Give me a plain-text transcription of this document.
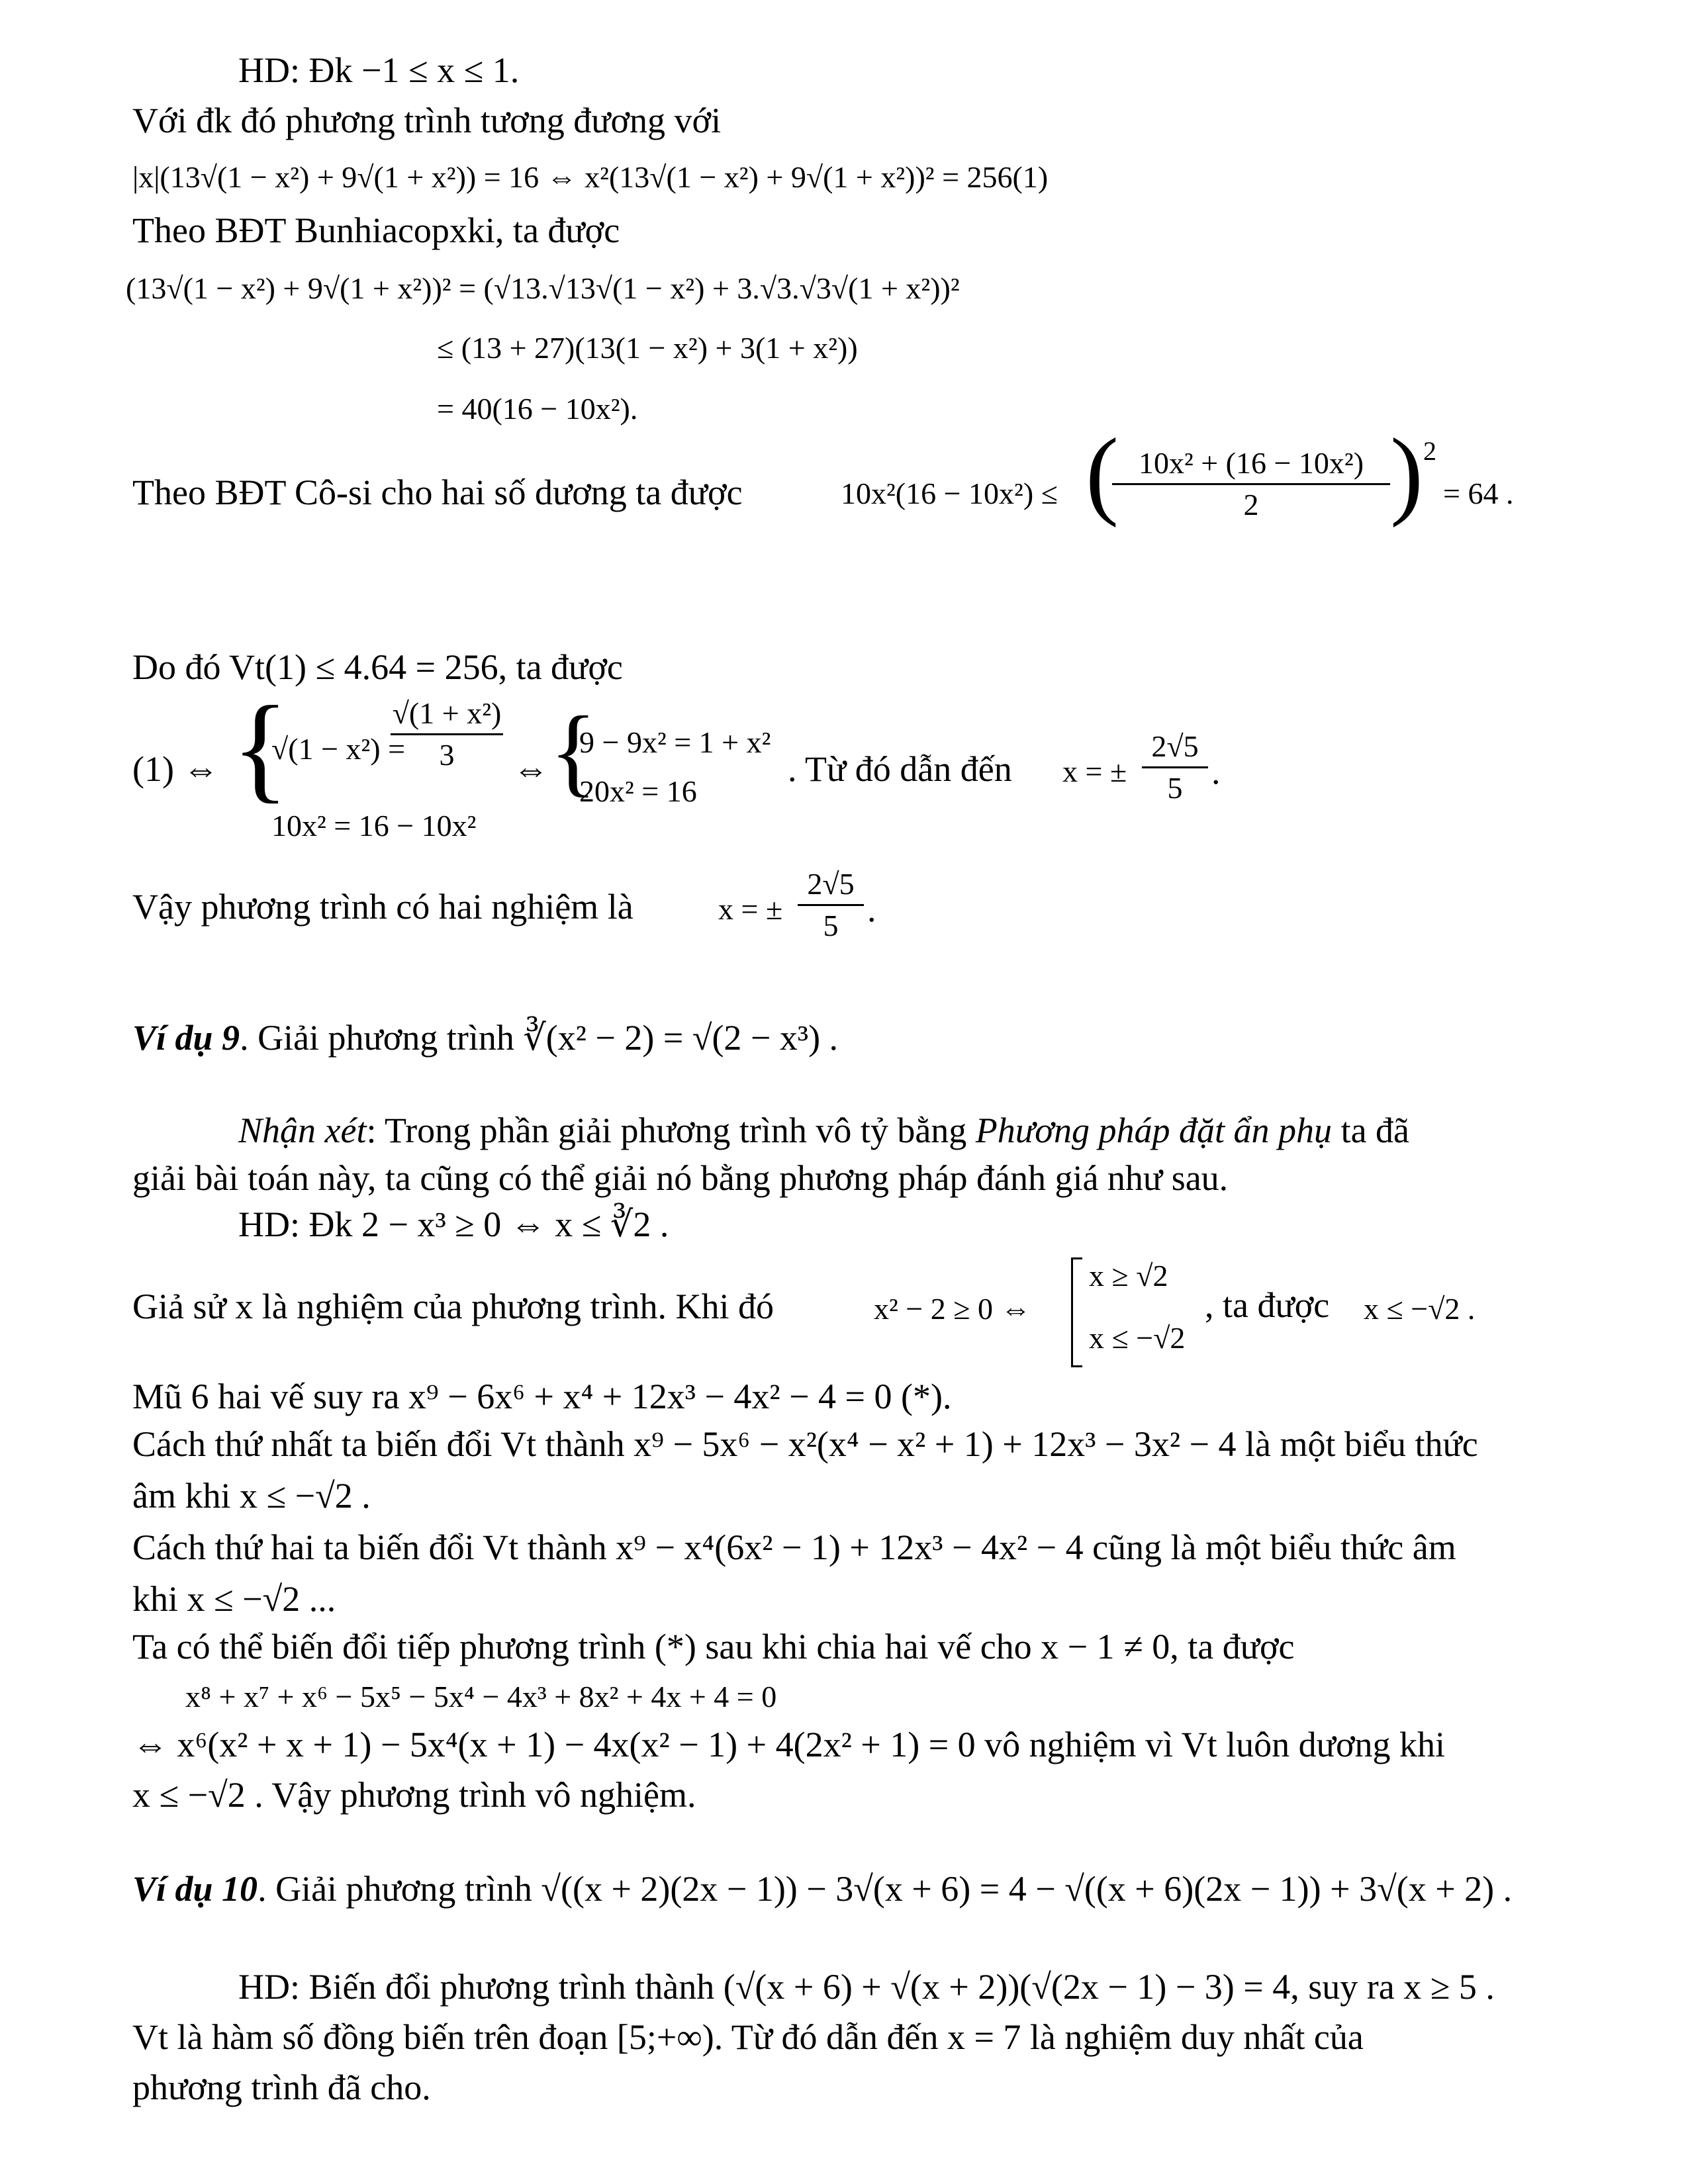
HD: Đk −1 ≤ x ≤ 1.
Với đk đó phương trình tương đương với
|x|(13√(1 − x²) + 9√(1 + x²)) = 16 ⇔ x²(13√(1 − x²) + 9√(1 + x²))² = 256(1)
Theo BĐT Bunhiacopxki, ta được
(13√(1 − x²) + 9√(1 + x²))² = (√13.√13√(1 − x²) + 3.√3.√3√(1 + x²))²
≤ (13 + 27)(13(1 − x²) + 3(1 + x²))
= 40(16 − 10x²).
Theo BĐT Cô-si cho hai số dương ta được	10x²(16 − 10x²) ≤ ( 10x² + (16 − 10x²)
2	) 2
= 64 .
Do đó Vt(1) ≤ 4.64 = 256, ta được
(1) ⇔ {
√(1 − x²) =
√(1 + x²)
3
10x² = 16 − 10x²
⇔ {
9 − 9x² = 1 + x²
20x² = 16
. Từ đó dẫn đến x = ±
2√5
5 .
Vậy phương trình có hai nghiệm là	x = ±
2√5
5 .
Ví dụ 9. Giải phương trình ∛(x² − 2) = √(2 − x³) .
Nhận xét: Trong phần giải phương trình vô tỷ bằng Phương pháp đặt ẩn phụ ta đã
giải bài toán này, ta cũng có thể giải nó bằng phương pháp đánh giá như sau.
HD: Đk 2 − x³ ≥ 0 ⇔ x ≤ ∛2 .
Giả sử x là nghiệm của phương trình. Khi đó	x² − 2 ≥ 0 ⇔
x ≥ √2
x ≤ −√2
, ta được x ≤ −√2 .
Mũ 6 hai vế suy ra x⁹ − 6x⁶ + x⁴ + 12x³ − 4x² − 4 = 0 (*).
Cách thứ nhất ta biến đổi Vt thành x⁹ − 5x⁶ − x²(x⁴ − x² + 1) + 12x³ − 3x² − 4 là một biểu thức
âm khi x ≤ −√2 .
Cách thứ hai ta biến đổi Vt thành x⁹ − x⁴(6x² − 1) + 12x³ − 4x² − 4 cũng là một biểu thức âm
khi x ≤ −√2 ...
Ta có thể biến đổi tiếp phương trình (*) sau khi chia hai vế cho x − 1 ≠ 0, ta được
x⁸ + x⁷ + x⁶ − 5x⁵ − 5x⁴ − 4x³ + 8x² + 4x + 4 = 0
⇔ x⁶(x² + x + 1) − 5x⁴(x + 1) − 4x(x² − 1) + 4(2x² + 1) = 0 vô nghiệm vì Vt luôn dương khi
x ≤ −√2 . Vậy phương trình vô nghiệm.
Ví dụ 10. Giải phương trình √((x + 2)(2x − 1)) − 3√(x + 6) = 4 − √((x + 6)(2x − 1)) + 3√(x + 2) .
HD: Biến đổi phương trình thành (√(x + 6) + √(x + 2))(√(2x − 1) − 3) = 4, suy ra x ≥ 5 .
Vt là hàm số đồng biến trên đoạn [5;+∞). Từ đó dẫn đến x = 7 là nghiệm duy nhất của
phương trình đã cho.
